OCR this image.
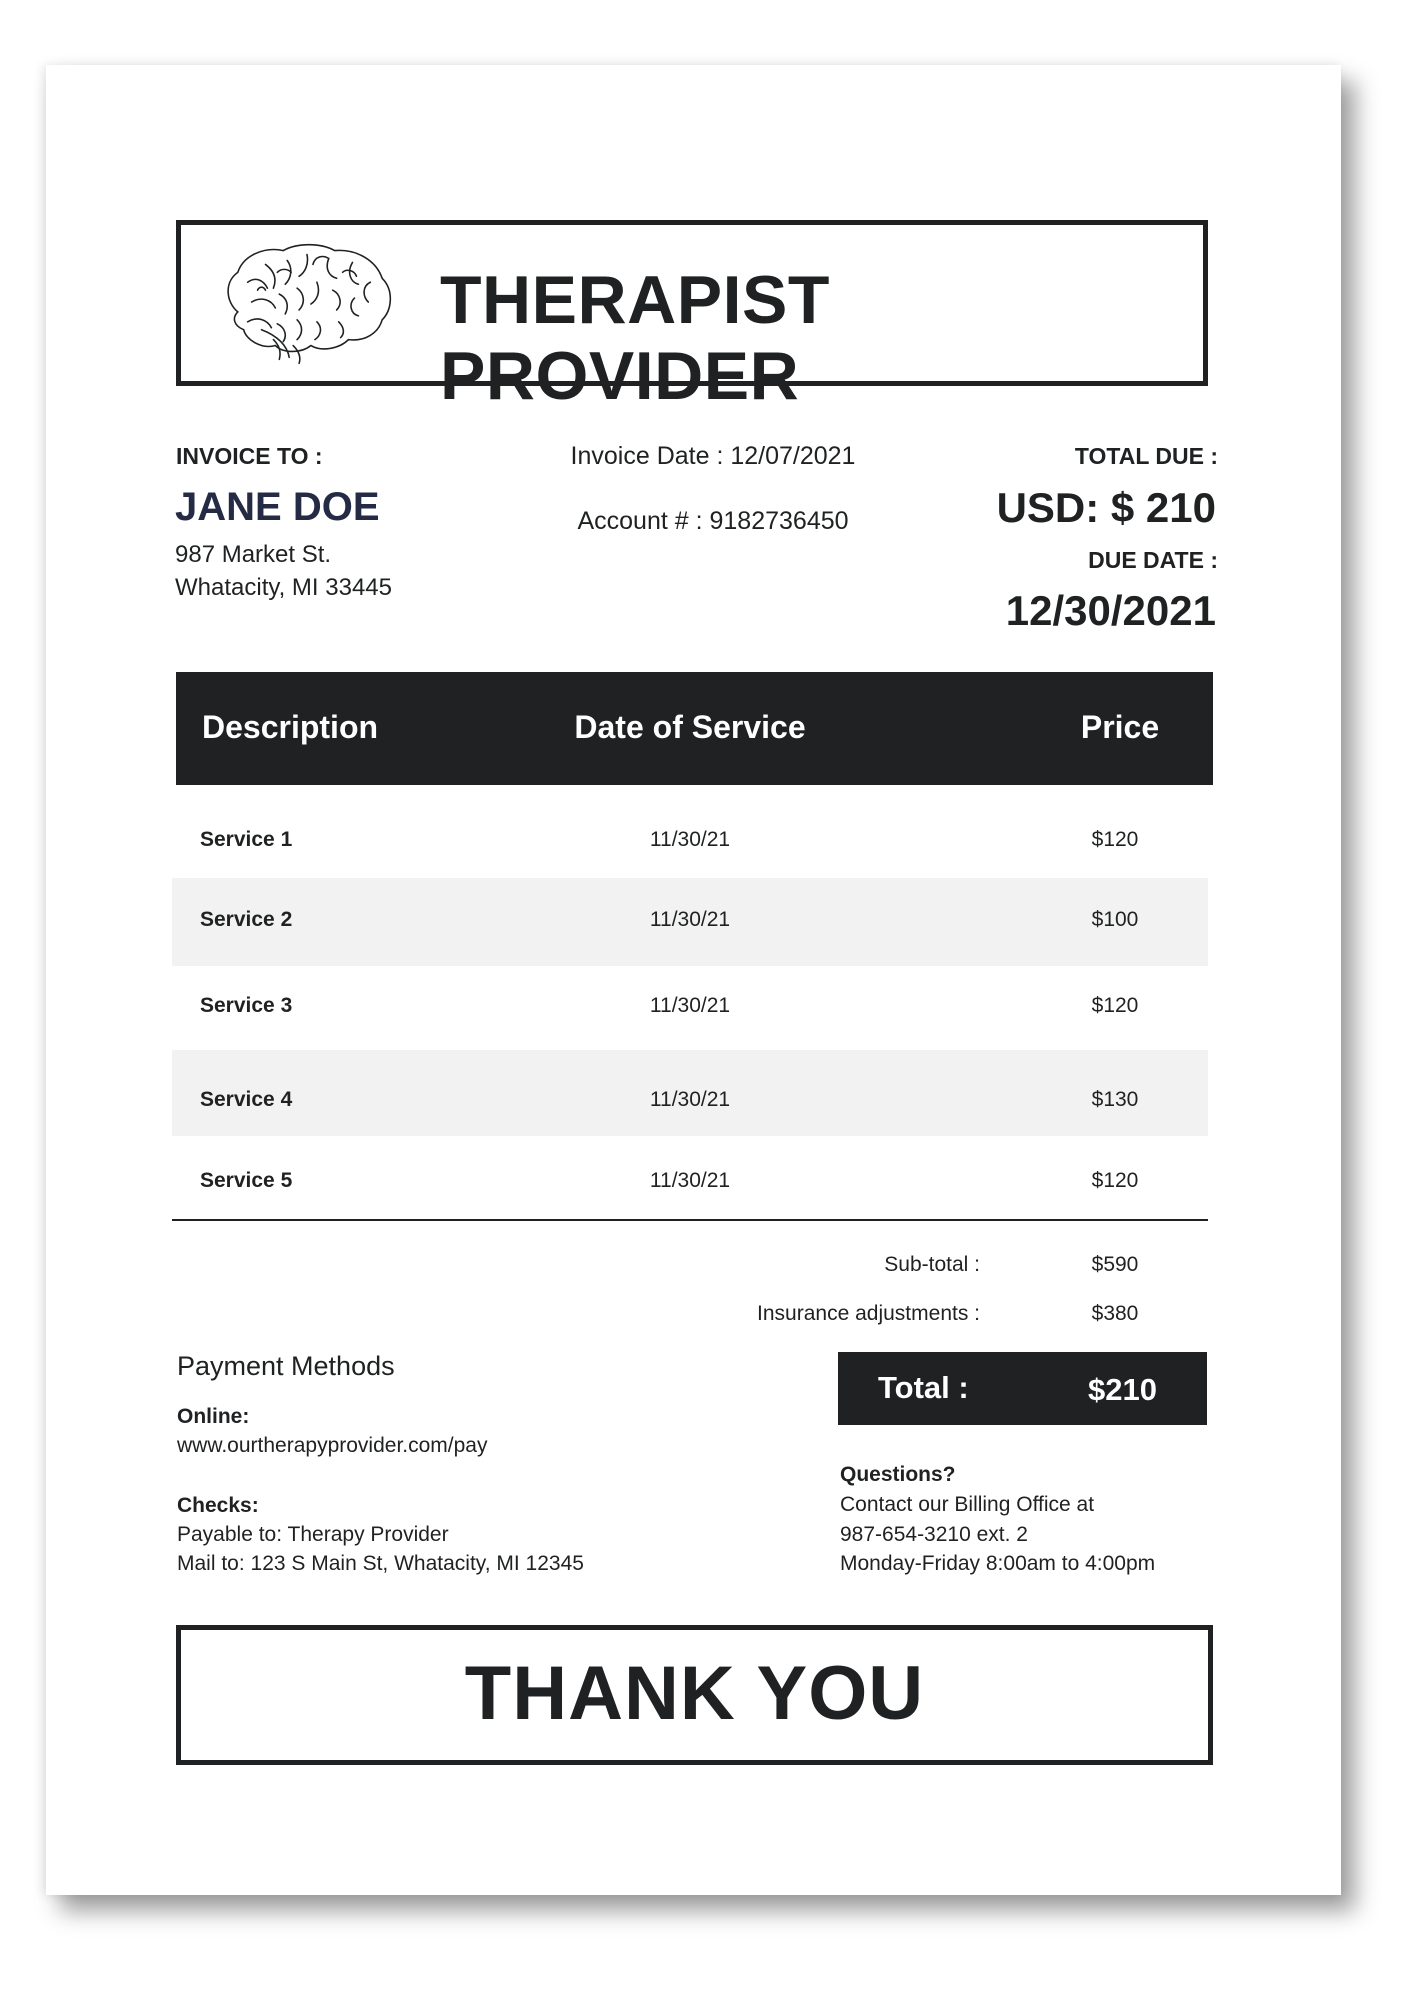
THERAPIST PROVIDER
INVOICE TO :
JANE DOE
987 Market St.
Whatacity, MI 33445
Invoice Date : 12/07/2021
Account # : 9182736450
TOTAL DUE :
USD: $ 210
DUE DATE :
12/30/2021
Description	Date of Service	Price
Service 1	11/30/21	$120
Service 2	11/30/21	$100
Service 3	11/30/21	$120
Service 4	11/30/21	$130
Service 5	11/30/21	$120
Sub-total :	$590
Insurance adjustments :	$380
Total :	$210
Payment Methods
Online:
www.ourtherapyprovider.com/pay
Checks:
Payable to: Therapy Provider
Mail to: 123 S Main St, Whatacity, MI 12345
Questions?
Contact our Billing Office at
987-654-3210 ext. 2
Monday-Friday 8:00am to 4:00pm
THANK YOU
